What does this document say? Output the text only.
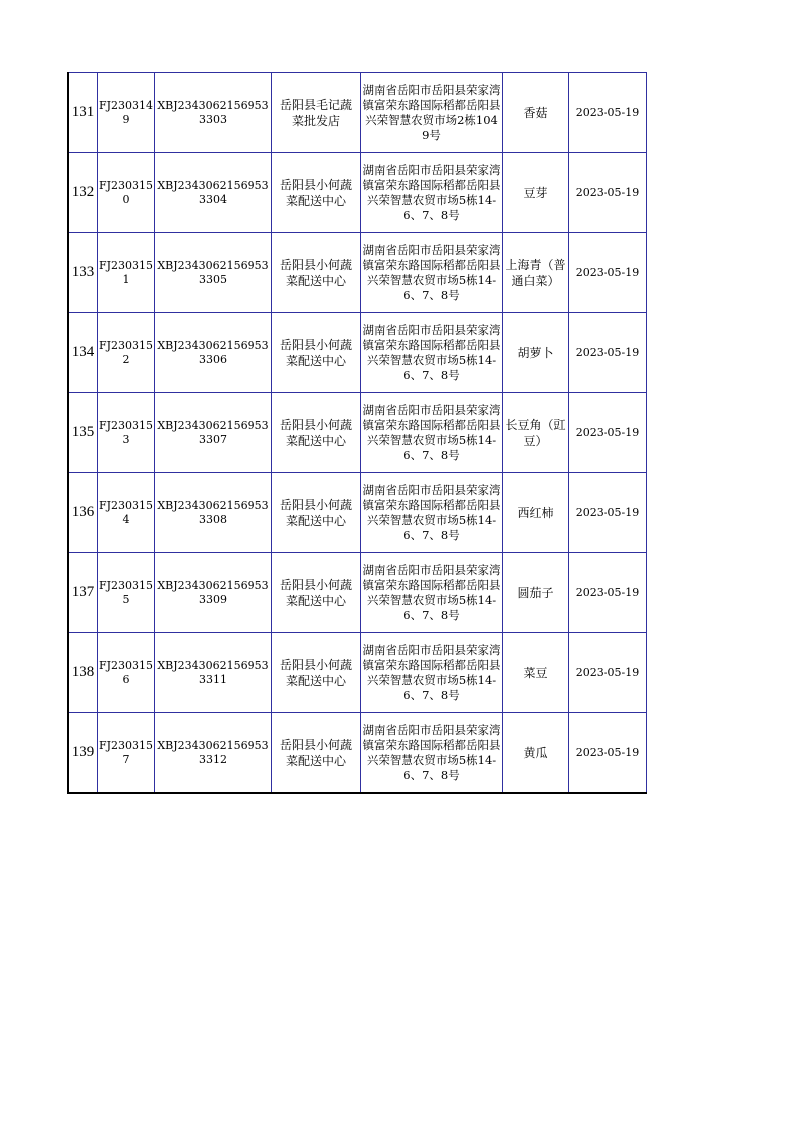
131	FJ2303149	XBJ23430621569533303	岳阳县毛记蔬菜批发店	湖南省岳阳市岳阳县荣家湾镇富荣东路国际稻都岳阳县兴荣智慧农贸市场2栋1049号	香菇	2023-05-19
132	FJ2303150	XBJ23430621569533304	岳阳县小何蔬菜配送中心	湖南省岳阳市岳阳县荣家湾镇富荣东路国际稻都岳阳县兴荣智慧农贸市场5栋14-6、7、8号	豆芽	2023-05-19
133	FJ2303151	XBJ23430621569533305	岳阳县小何蔬菜配送中心	湖南省岳阳市岳阳县荣家湾镇富荣东路国际稻都岳阳县兴荣智慧农贸市场5栋14-6、7、8号	上海青（普通白菜）	2023-05-19
134	FJ2303152	XBJ23430621569533306	岳阳县小何蔬菜配送中心	湖南省岳阳市岳阳县荣家湾镇富荣东路国际稻都岳阳县兴荣智慧农贸市场5栋14-6、7、8号	胡萝卜	2023-05-19
135	FJ2303153	XBJ23430621569533307	岳阳县小何蔬菜配送中心	湖南省岳阳市岳阳县荣家湾镇富荣东路国际稻都岳阳县兴荣智慧农贸市场5栋14-6、7、8号	长豆角（豇豆）	2023-05-19
136	FJ2303154	XBJ23430621569533308	岳阳县小何蔬菜配送中心	湖南省岳阳市岳阳县荣家湾镇富荣东路国际稻都岳阳县兴荣智慧农贸市场5栋14-6、7、8号	西红柿	2023-05-19
137	FJ2303155	XBJ23430621569533309	岳阳县小何蔬菜配送中心	湖南省岳阳市岳阳县荣家湾镇富荣东路国际稻都岳阳县兴荣智慧农贸市场5栋14-6、7、8号	圆茄子	2023-05-19
138	FJ2303156	XBJ23430621569533311	岳阳县小何蔬菜配送中心	湖南省岳阳市岳阳县荣家湾镇富荣东路国际稻都岳阳县兴荣智慧农贸市场5栋14-6、7、8号	菜豆	2023-05-19
139	FJ2303157	XBJ23430621569533312	岳阳县小何蔬菜配送中心	湖南省岳阳市岳阳县荣家湾镇富荣东路国际稻都岳阳县兴荣智慧农贸市场5栋14-6、7、8号	黄瓜	2023-05-19
